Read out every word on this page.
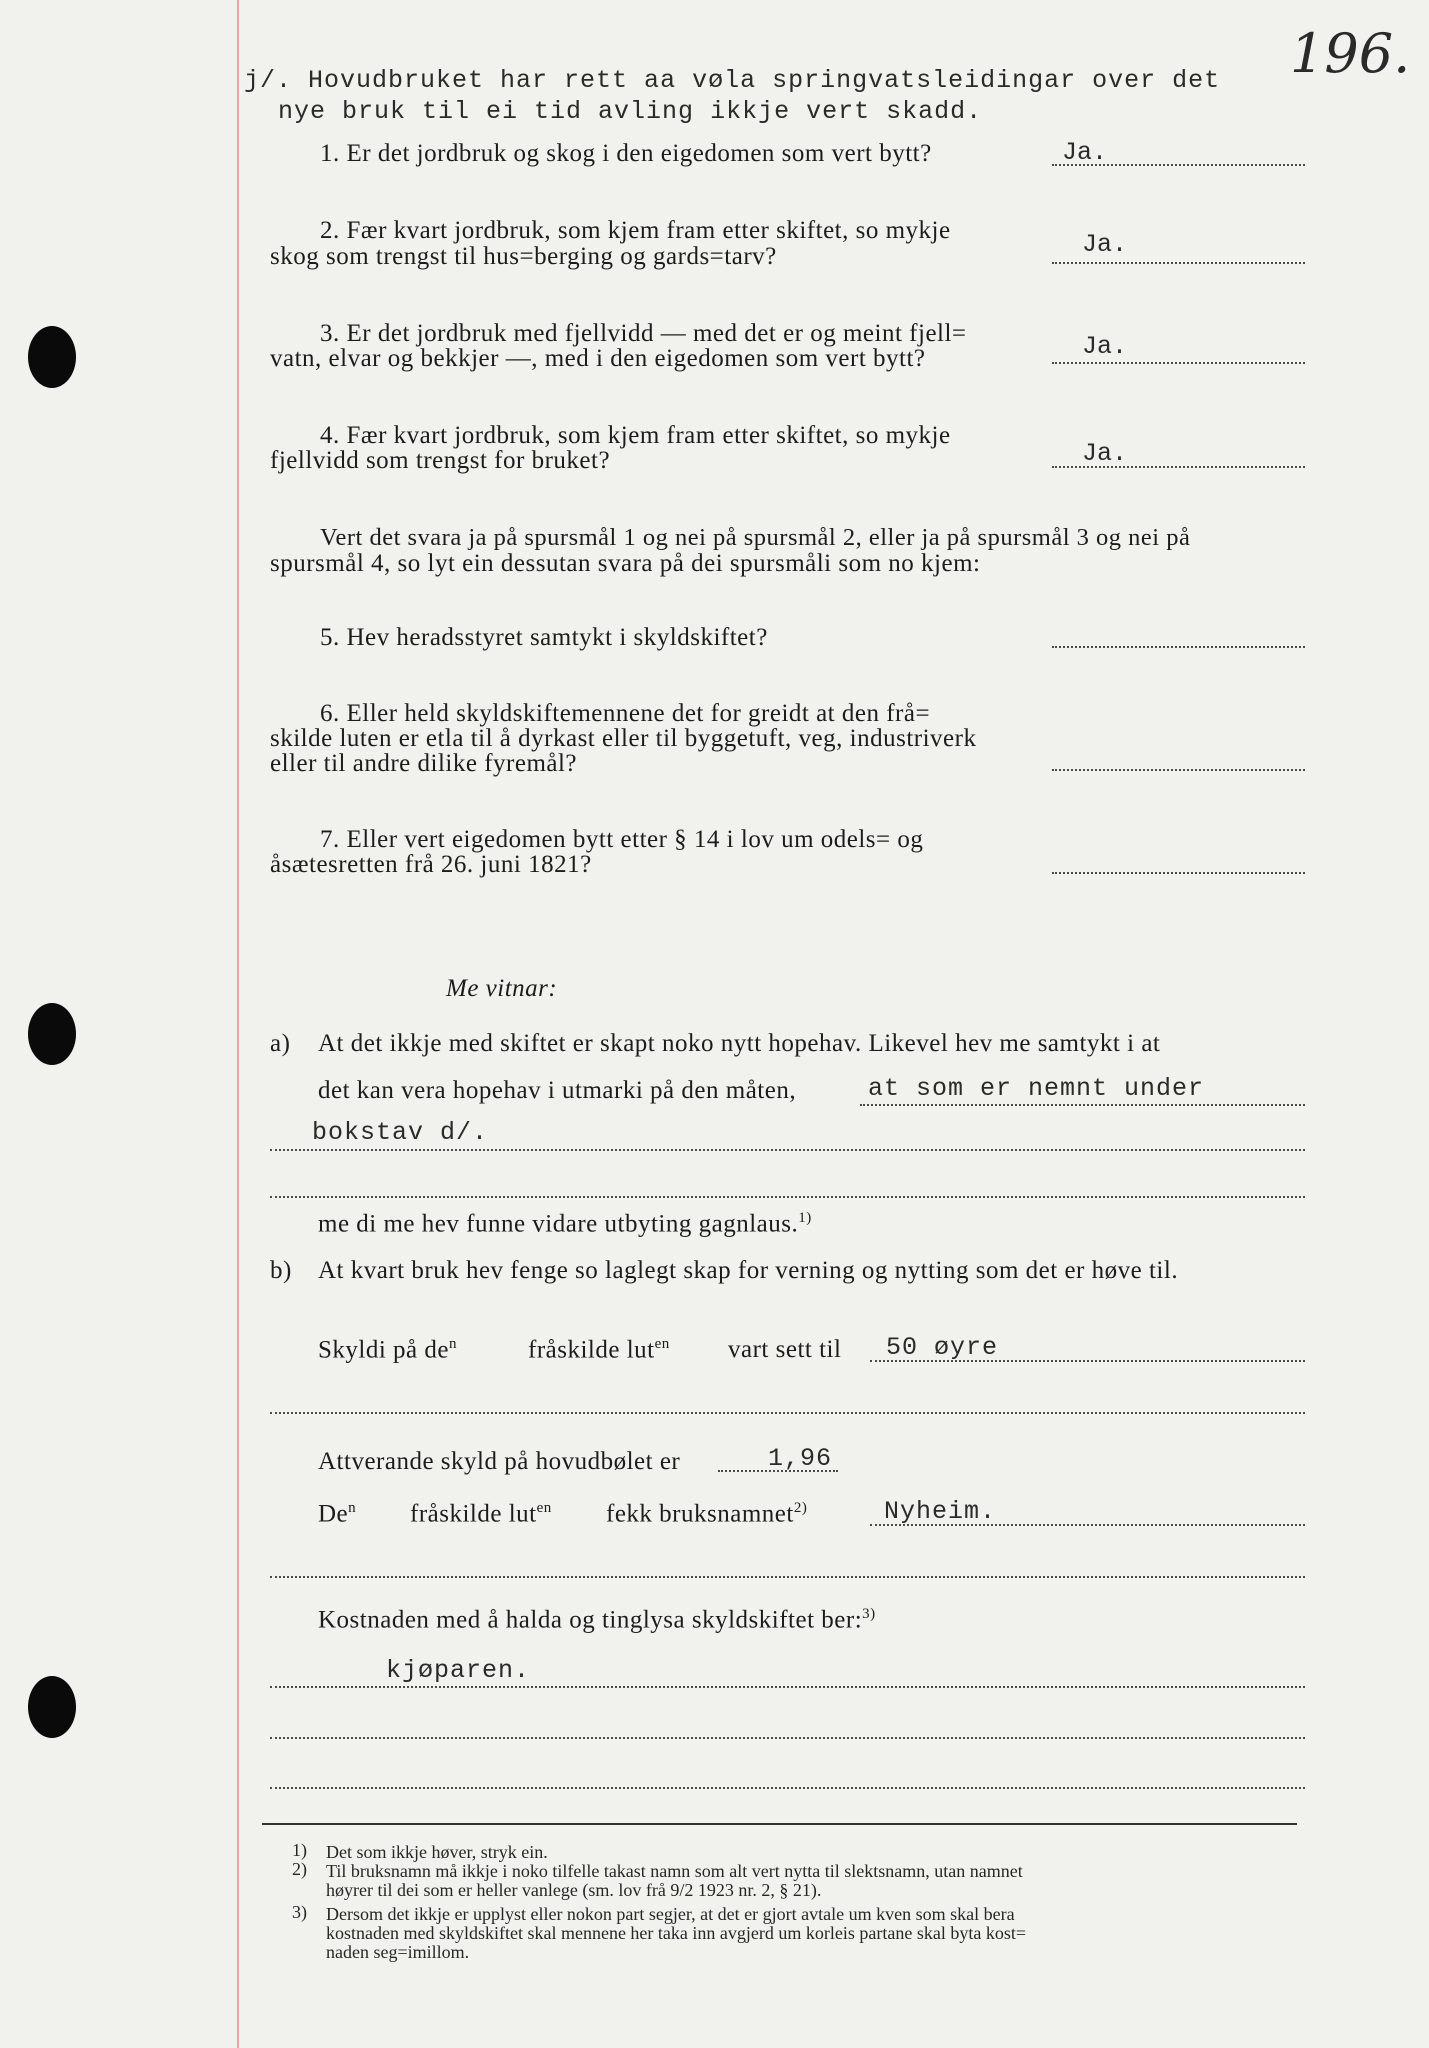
196.
j/. Hovudbruket har rett aa vøla springvatsleidingar over det
nye bruk til ei tid avling ikkje vert skadd.
1. Er det jordbruk og skog i den eigedomen som vert bytt?	Ja.
2. Fær kvart jordbruk, som kjem fram etter skiftet, so mykje
skog som trengst til hus=berging og gards=tarv?	Ja.
3. Er det jordbruk med fjellvidd — med det er og meint fjell=
vatn, elvar og bekkjer —, med i den eigedomen som vert bytt?	Ja.
4. Fær kvart jordbruk, som kjem fram etter skiftet, so mykje
fjellvidd som trengst for bruket?	Ja.
Vert det svara ja på spursmål 1 og nei på spursmål 2, eller ja på spursmål 3 og nei på
spursmål 4, so lyt ein dessutan svara på dei spursmåli som no kjem:
5. Hev heradsstyret samtykt i skyldskiftet?
6. Eller held skyldskiftemennene det for greidt at den frå=
skilde luten er etla til å dyrkast eller til byggetuft, veg, industriverk
eller til andre dilike fyremål?
7. Eller vert eigedomen bytt etter § 14 i lov um odels= og
åsætesretten frå 26. juni 1821?
Me vitnar:
a) At det ikkje med skiftet er skapt noko nytt hopehav. Likevel hev me samtykt i at
det kan vera hopehav i utmarki på den måten,	at som er nemnt under
bokstav d/.
me di me hev funne vidare utbyting gagnlaus.$^{1)}$
b) At kvart bruk hev fenge so laglegt skap for verning og nytting som det er høve til.
Skyldi på $de^n$	fråskilde lut$^{en}$ vart sett til 50 øyre
Attverande skyld på hovudbølet er	1,96
De$^n$ fråskilde lut$^{en}$ fekk bruksnamnet$^{2)}$	Nyheim.
Kostnaden med å halda og tinglysa skyldskiftet ber:$^{3)}$
kjøparen.
1) Det som ikkje høver, stryk ein.
2) Til bruksnamn må ikkje i noko tilfelle takast namn som alt vert nytta til slektsnamn, utan namnet
høyrer til dei som er heller vanlege (sm. lov frå 9/2 1923 nr. 2, § 21).
3) Dersom det ikkje er upplyst eller nokon part segjer, at det er gjort avtale um kven som skal bera
kostnaden med skyldskiftet skal mennene her taka inn avgjerd um korleis partane skal byta kost=
naden seg=imillom.
